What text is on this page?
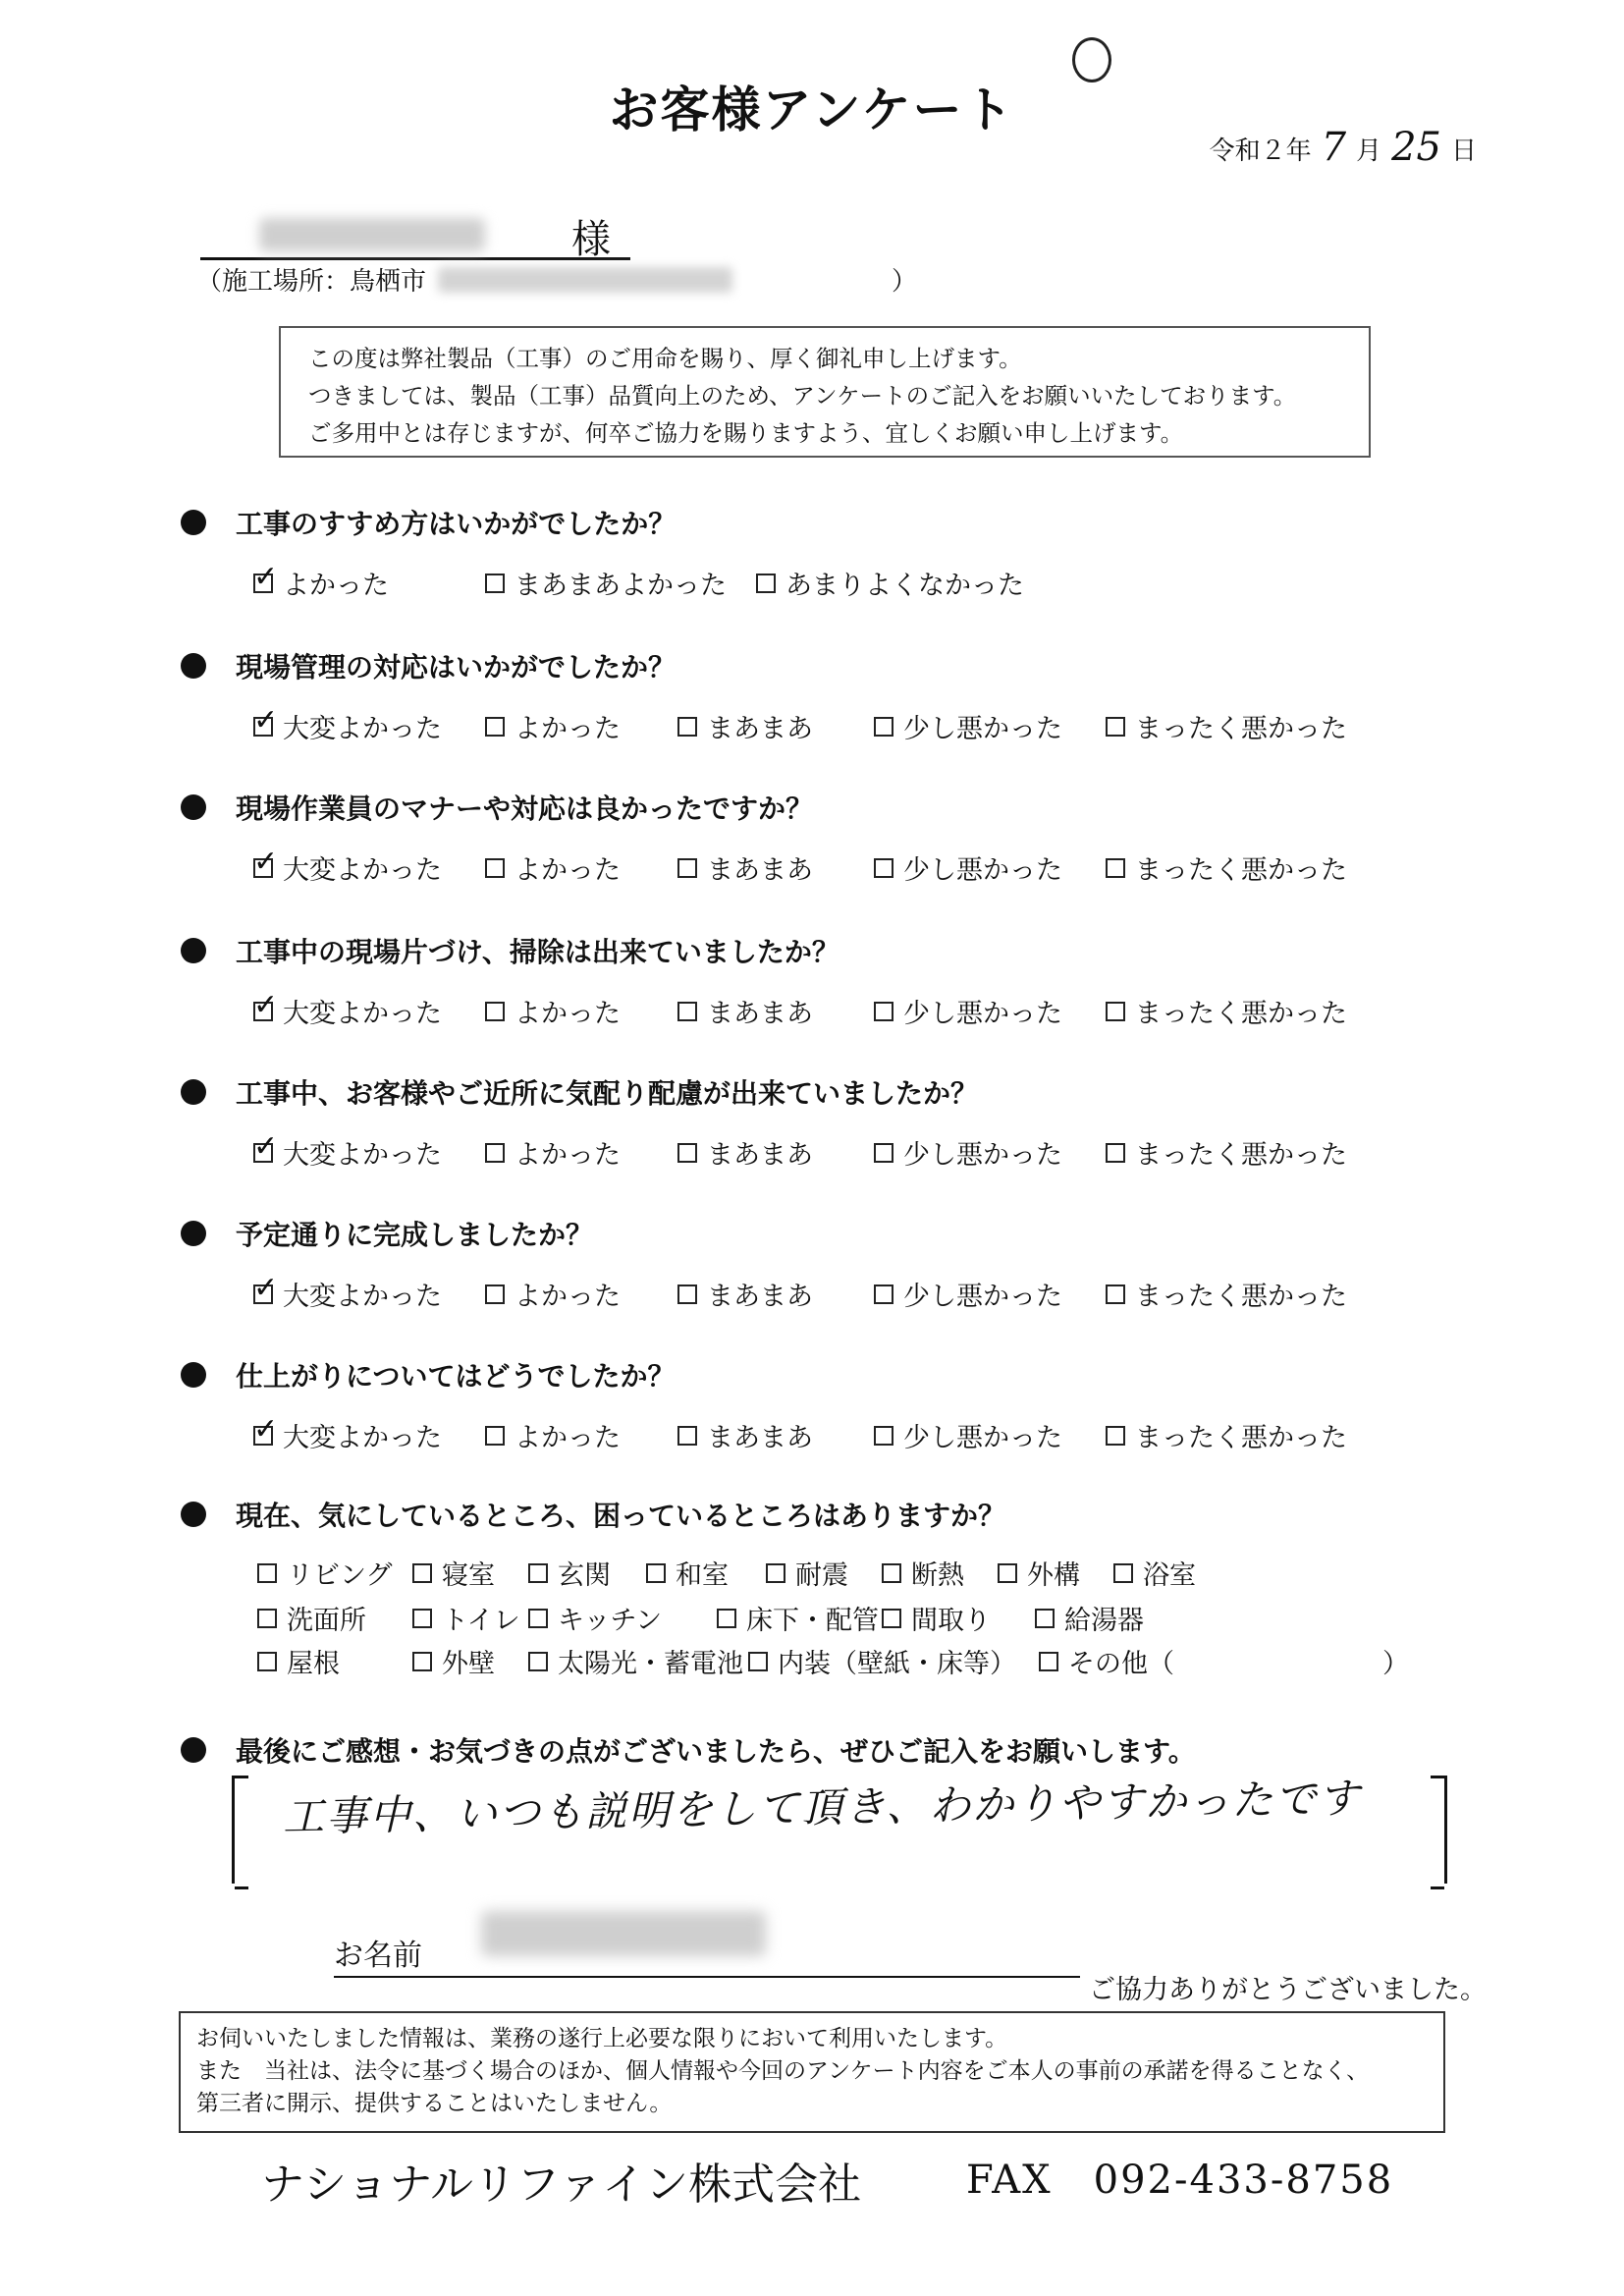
お客様アンケート
令和２年 7 月 25 日
様
（施工場所： 鳥栖市	）
この度は弊社製品（工事）のご用命を賜り、厚く御礼申し上げます。
つきましては、製品（工事）品質向上のため、アンケートのご記入をお願いいたしております。
ご多用中とは存じますが、何卒ご協力を賜りますよう、宜しくお願い申し上げます。
工事のすすめ方はいかがでしたか？
✓
よかった	まあまあよかった あまりよくなかった
現場管理の対応はいかがでしたか？
✓
大変よかった	よかった	まあまあ	少し悪かった	まったく悪かった
現場作業員のマナーや対応は良かったですか？
✓
大変よかった	よかった	まあまあ	少し悪かった	まったく悪かった
工事中の現場片づけ、掃除は出来ていましたか？
✓
大変よかった	よかった	まあまあ	少し悪かった	まったく悪かった
工事中、お客様やご近所に気配り配慮が出来ていましたか？
✓
大変よかった	よかった	まあまあ	少し悪かった	まったく悪かった
予定通りに完成しましたか？
✓
大変よかった	よかった	まあまあ	少し悪かった	まったく悪かった
仕上がりについてはどうでしたか？
✓
大変よかった	よかった	まあまあ	少し悪かった	まったく悪かった
現在、気にしているところ、困っているところはありますか？
リビング 寝室 玄関 和室	耐震 断熱 外構 浴室
洗面所	トイレ キッチン	床下・配管 間取り	給湯器
屋根	外壁 太陽光・蓄電池 内装（壁紙・床等） その他（	）
最後にご感想・お気づきの点がございましたら、ぜひご記入をお願いします。
工事中、いつも説明をして頂き、わかりやすかったです
お名前
ご協力ありがとうございました。
お伺いいたしました情報は、業務の遂行上必要な限りにおいて利用いたします。
また　当社は、法令に基づく場合のほか、個人情報や今回のアンケート内容をご本人の事前の承諾を得ることなく、
第三者に開示、提供することはいたしません。
ナショナルリファイン株式会社	FAX　092-433-8758
